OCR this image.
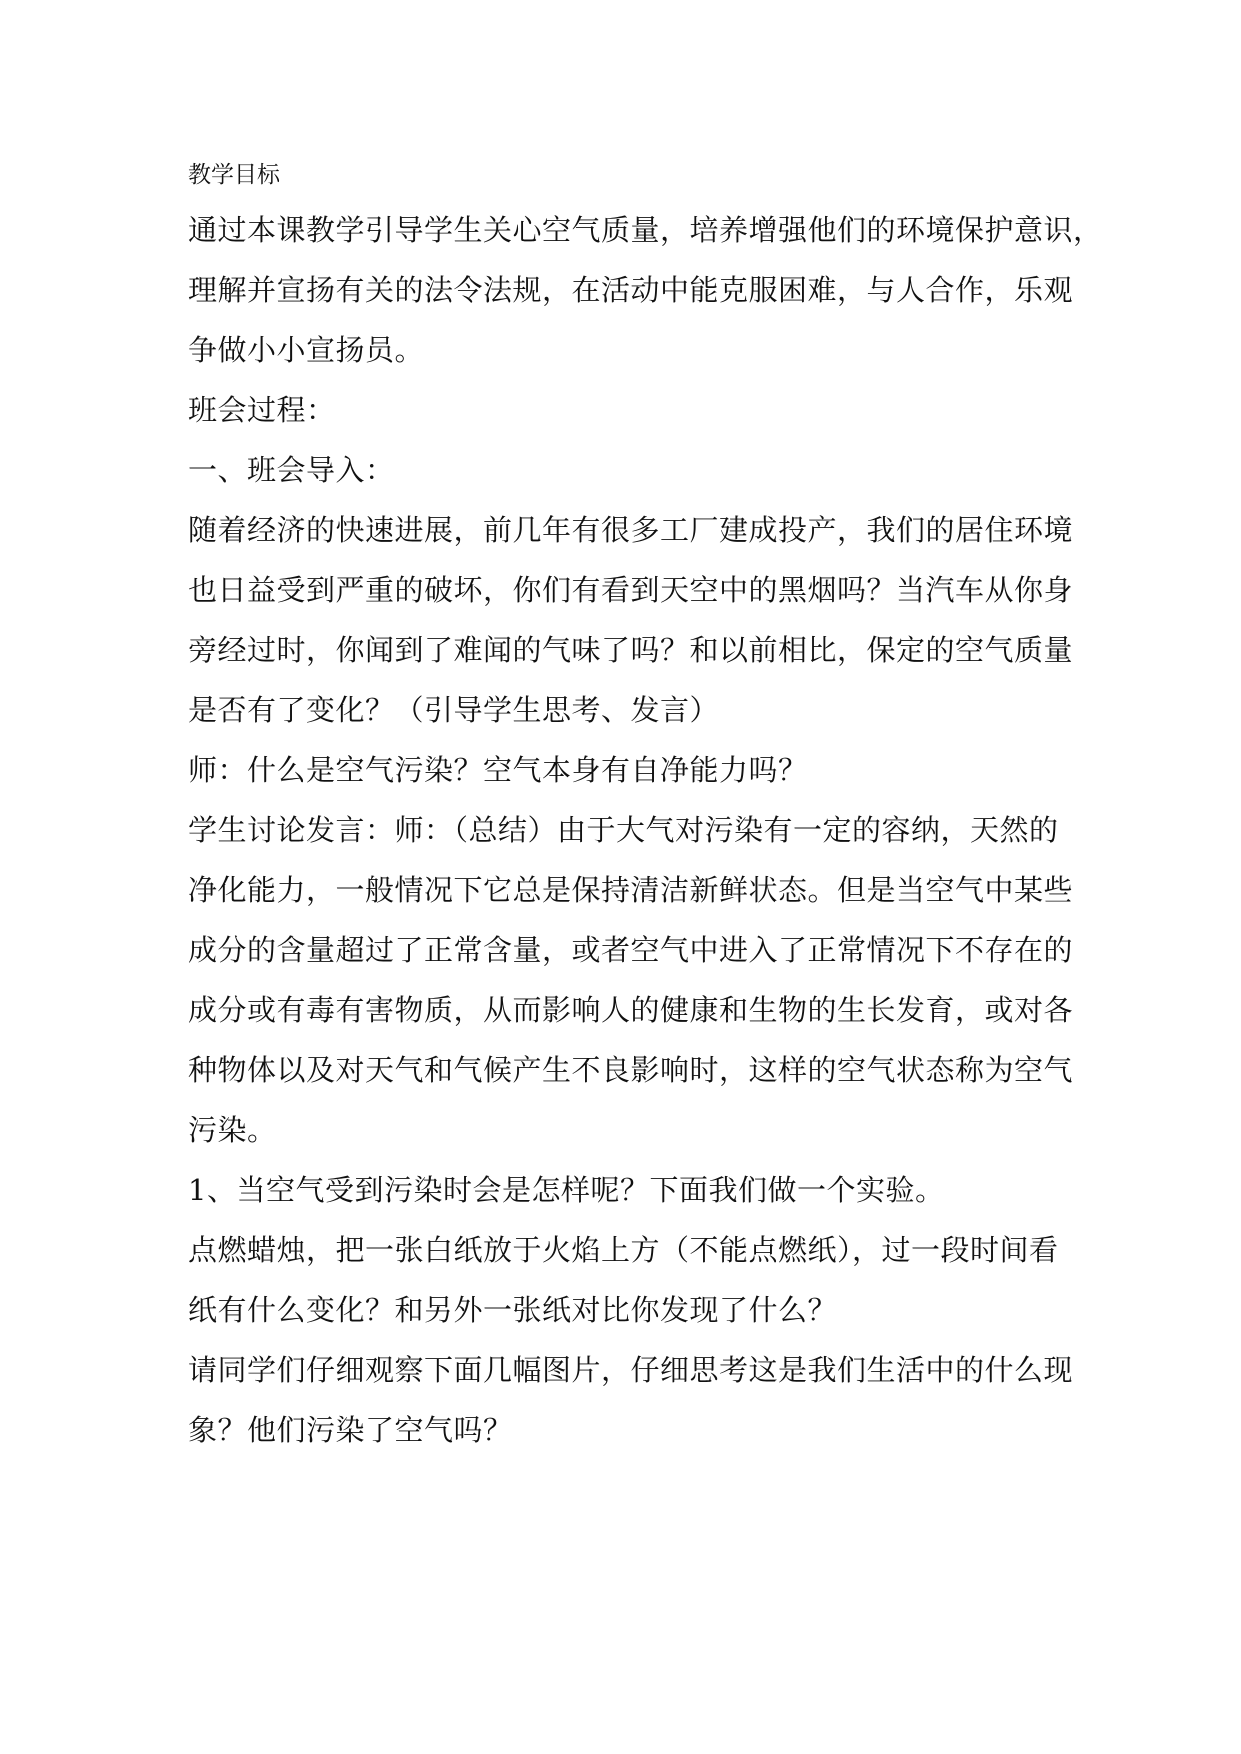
教学目标
通过本课教学引导学生关心空气质量，培养增强他们的环境保护意识，
理解并宣扬有关的法令法规，在活动中能克服困难，与人合作，乐观
争做小小宣扬员。
班会过程：
一、班会导入：
随着经济的快速进展，前几年有很多工厂建成投产，我们的居住环境
也日益受到严重的破坏，你们有看到天空中的黑烟吗？当汽车从你身
旁经过时，你闻到了难闻的气味了吗？和以前相比，保定的空气质量
是否有了变化？（引导学生思考、发言）
师：什么是空气污染？空气本身有自净能力吗？
学生讨论发言：师：（总结）由于大气对污染有一定的容纳，天然的
净化能力，一般情况下它总是保持清洁新鲜状态。但是当空气中某些
成分的含量超过了正常含量，或者空气中进入了正常情况下不存在的
成分或有毒有害物质，从而影响人的健康和生物的生长发育，或对各
种物体以及对天气和气候产生不良影响时，这样的空气状态称为空气
污染。
1、当空气受到污染时会是怎样呢？下面我们做一个实验。
点燃蜡烛，把一张白纸放于火焰上方（不能点燃纸），过一段时间看
纸有什么变化？和另外一张纸对比你发现了什么？
请同学们仔细观察下面几幅图片，仔细思考这是我们生活中的什么现
象？他们污染了空气吗？
